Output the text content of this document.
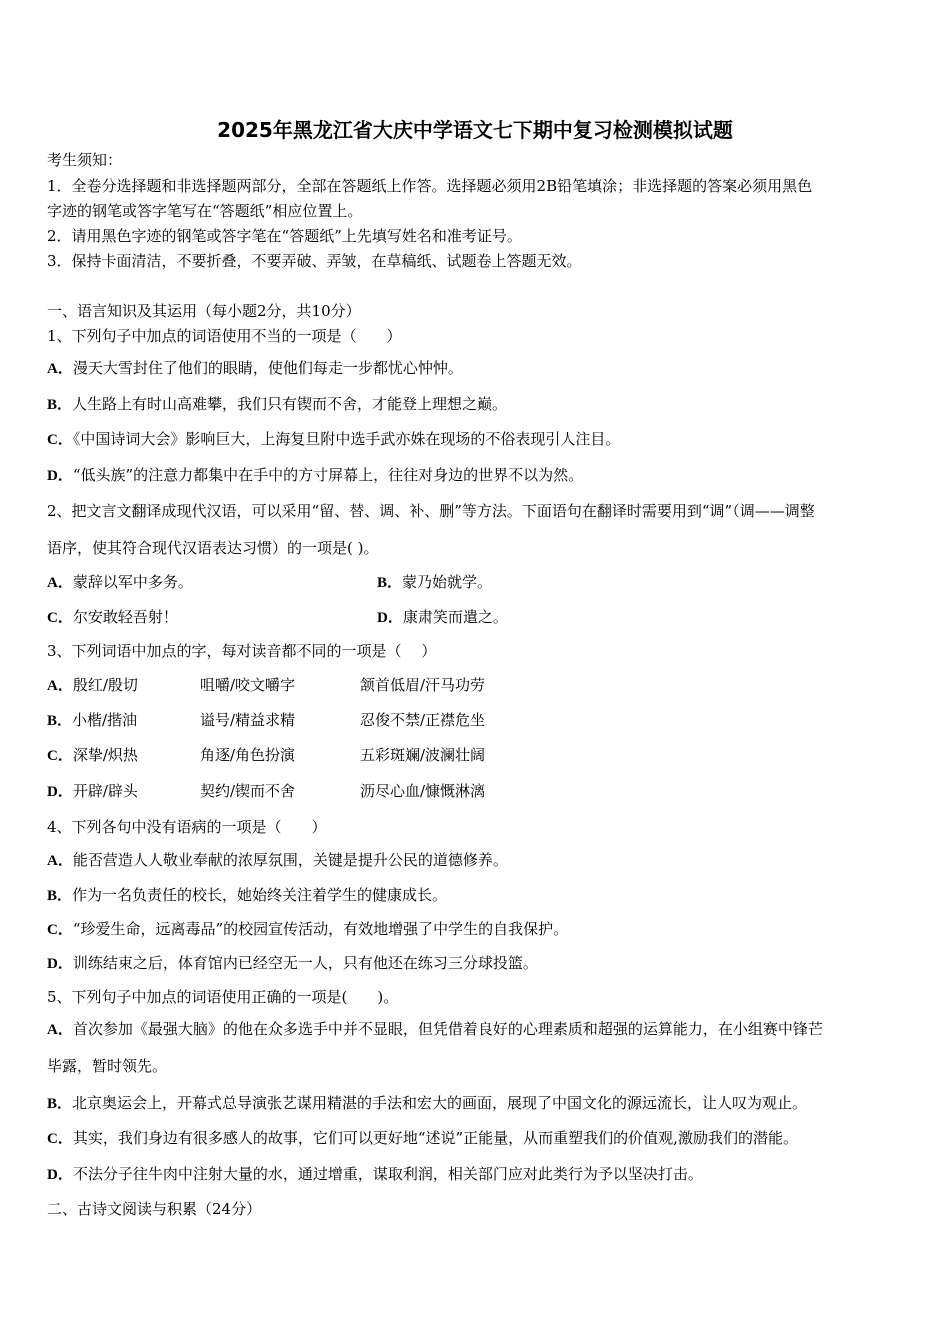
2025年黑龙江省大庆中学语文七下期中复习检测模拟试题
考生须知：
1．全卷分选择题和非选择题两部分，全部在答题纸上作答。选择题必须用2B铅笔填涂；非选择题的答案必须用黑色
字迹的钢笔或答字笔写在“答题纸”相应位置上。
2．请用黑色字迹的钢笔或答字笔在“答题纸”上先填写姓名和准考证号。
3．保持卡面清洁，不要折叠，不要弄破、弄皱，在草稿纸、试题卷上答题无效。
一、语言知识及其运用（每小题2分，共10分）
1、下列句子中加点的词语使用不当的一项是（　　）
A．漫天大雪封住了他们的眼睛，使他们每走一步都忧心忡忡。
B．人生路上有时山高难攀，我们只有锲而不舍，才能登上理想之巅。
C．《中国诗词大会》影响巨大，上海复旦附中选手武亦姝在现场的不俗表现引人注目。
D．“低头族”的注意力都集中在手中的方寸屏幕上，往往对身边的世界不以为然。
2、把文言文翻译成现代汉语，可以采用“留、替、调、补、删”等方法。下面语句在翻译时需要用到“调”（调——调整
语序，使其符合现代汉语表达习惯）的一项是( )。
A．蒙辞以军中多务。	B．蒙乃始就学。
C．尔安敢轻吾射！	D．康肃笑而遣之。
3、下列词语中加点的字，每对读音都不同的一项是（　 ）
A．殷红/殷切	咀嚼/咬文嚼字	颔首低眉/汗马功劳
B．小楷/揩油	谥号/精益求精	忍俊不禁/正襟危坐
C．深挚/炽热	角逐/角色扮演	五彩斑斓/波澜壮阔
D．开辟/辟头	契约/锲而不舍	沥尽心血/慷慨淋漓
4、下列各句中没有语病的一项是（　　）
A．能否营造人人敬业奉献的浓厚氛围，关键是提升公民的道德修养。
B．作为一名负责任的校长，她始终关注着学生的健康成长。
C．“珍爱生命，远离毒品”的校园宣传活动，有效地增强了中学生的自我保护。
D．训练结束之后，体育馆内已经空无一人，只有他还在练习三分球投篮。
5、下列句子中加点的词语使用正确的一项是(　　)。
A．首次参加《最强大脑》的他在众多选手中并不显眼，但凭借着良好的心理素质和超强的运算能力，在小组赛中锋芒
毕露，暂时领先。
B．北京奥运会上，开幕式总导演张艺谋用精湛的手法和宏大的画面，展现了中国文化的源远流长，让人叹为观止。
C．其实，我们身边有很多感人的故事，它们可以更好地“述说”正能量，从而重塑我们的价值观,激励我们的潜能。
D．不法分子往牛肉中注射大量的水，通过增重，谋取利润，相关部门应对此类行为予以坚决打击。
二、古诗文阅读与积累（24分）
